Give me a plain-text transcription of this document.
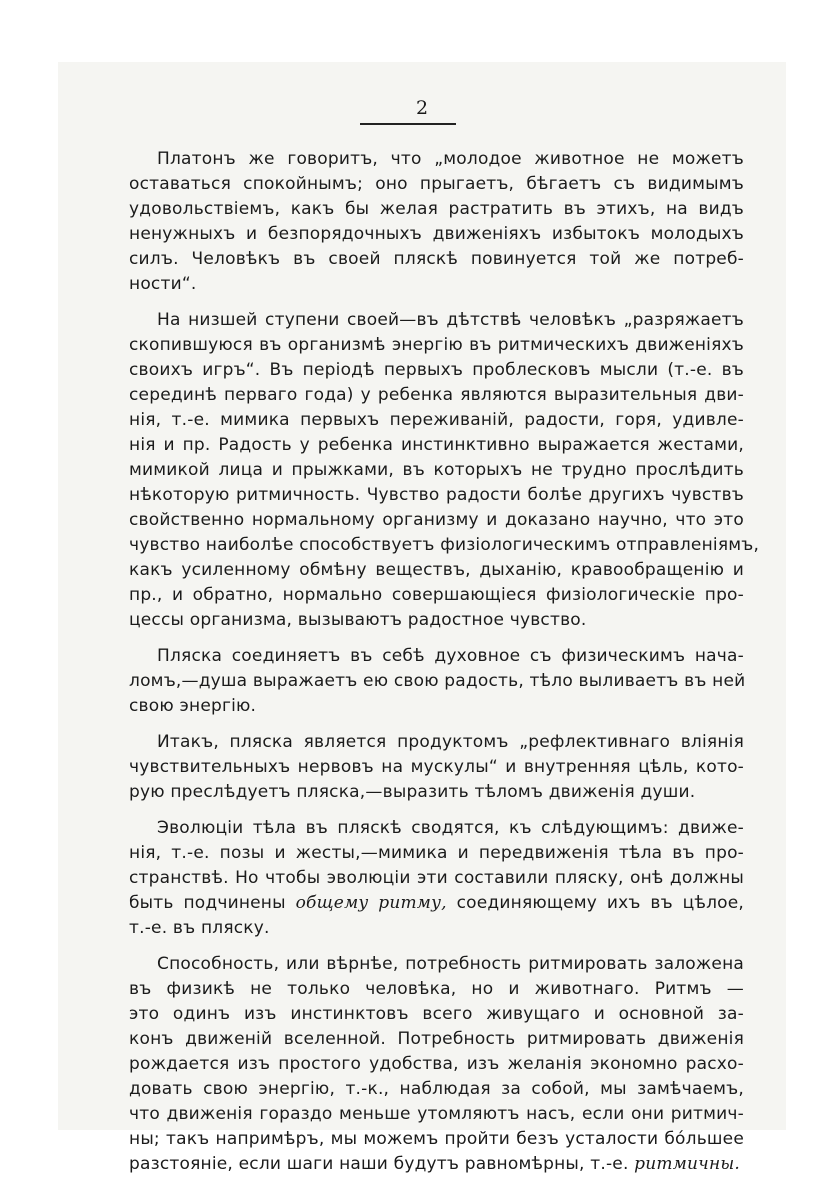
2
Платонъ же говоритъ, что „молодое животное не можетъ
оставаться спокойнымъ; оно прыгаетъ, бѣгаетъ съ видимымъ
удовольствіемъ, какъ бы желая растратить въ этихъ, на видъ
ненужныхъ и безпорядочныхъ движеніяхъ избытокъ молодыхъ
силъ. Человѣкъ въ своей пляскѣ повинуется той же потреб-
ности“.
На низшей ступени своей—въ дѣтствѣ человѣкъ „разряжаетъ
скопившуюся въ организмѣ энергію въ ритмическихъ движеніяхъ
своихъ игръ“. Въ періодѣ первыхъ проблесковъ мысли (т.-е. въ
серединѣ перваго года) у ребенка являются выразительныя дви-
нія, т.-е. мимика первыхъ переживаній, радости, горя, удивле-
нія и пр. Радость у ребенка инстинктивно выражается жестами,
мимикой лица и прыжками, въ которыхъ не трудно прослѣдить
нѣкоторую ритмичность. Чувство радости болѣе другихъ чувствъ
свойственно нормальному организму и доказано научно, что это
чувство наиболѣе способствуетъ физіологическимъ отправленіямъ,
какъ усиленному обмѣну веществъ, дыханію, кравообращенію и
пр., и обратно, нормально совершающіеся физіологическіе про-
цессы организма, вызываютъ радостное чувство.
Пляска соединяетъ въ себѣ духовное съ физическимъ нача-
ломъ,—душа выражаетъ ею свою радость, тѣло выливаетъ въ ней
свою энергію.
Итакъ, пляска является продуктомъ „рефлективнаго вліянія
чувствительныхъ нервовъ на мускулы“ и внутренняя цѣль, кото-
рую преслѣдуетъ пляска,—выразить тѣломъ движенія души.
Эволюціи тѣла въ пляскѣ сводятся, къ слѣдующимъ: движе-
нія, т.-е. позы и жесты,—мимика и передвиженія тѣла въ про-
странствѣ. Но чтобы эволюціи эти составили пляску, онѣ должны
быть подчинены общему ритму, соединяющему ихъ въ цѣлое,
т.-е. въ пляску.
Способность, или вѣрнѣе, потребность ритмировать заложена
въ физикѣ не только человѣка, но и животнаго. Ритмъ —
это одинъ изъ инстинктовъ всего живущаго и основной за-
конъ движеній вселенной. Потребность ритмировать движенія
рождается изъ простого удобства, изъ желанія экономно расхо-
довать свою энергію, т.-к., наблюдая за собой, мы замѣчаемъ,
что движенія гораздо меньше утомляютъ насъ, если они ритмич-
ны; такъ напримѣръ, мы можемъ пройти безъ усталости бóльшее
разстояніе, если шаги наши будутъ равномѣрны, т.-е. ритмичны.
